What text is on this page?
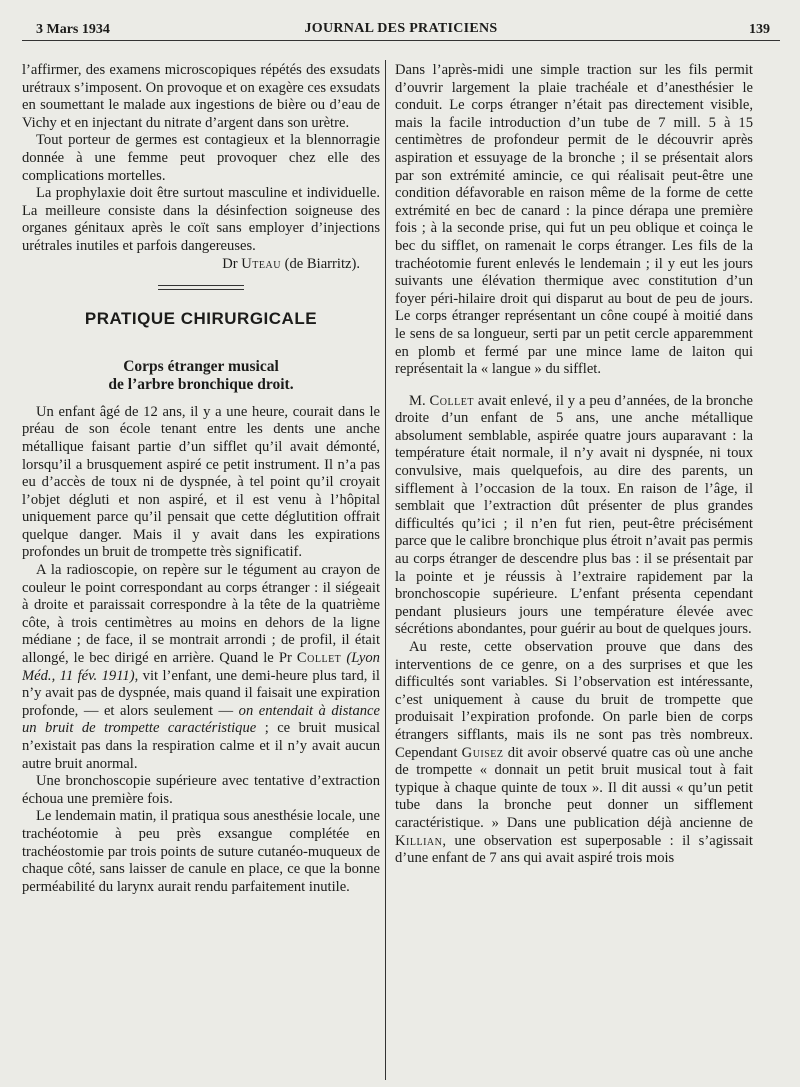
3 Mars 1934	JOURNAL DES PRATICIENS	139

l’affirmer, des examens microscopiques répétés des exsudats urétraux s’imposent. On provoque et on exagère ces exsudats en soumettant le malade aux ingestions de bière ou d’eau de Vichy et en injectant du nitrate d’argent dans son urètre.

Tout porteur de germes est contagieux et la blennorragie donnée à une femme peut provoquer chez elle des complications mortelles.

La prophylaxie doit être surtout masculine et individuelle. La meilleure consiste dans la désinfection soigneuse des organes génitaux après le coït sans employer d’injections urétrales inutiles et parfois dangereuses.

Dr Uteau (de Biarritz).

PRATIQUE CHIRURGICALE
Corps étranger musical
de l’arbre bronchique droit.

Un enfant âgé de 12 ans, il y a une heure, courait dans le préau de son école tenant entre les dents une anche métallique faisant partie d’un sifflet qu’il avait démonté, lorsqu’il a brusquement aspiré ce petit instrument. Il n’a pas eu d’accès de toux ni de dyspnée, à tel point qu’il croyait l’objet dégluti et non aspiré, et il est venu à l’hôpital uniquement parce qu’il pensait que cette déglutition offrait quelque danger. Mais il y avait dans les expirations profondes un bruit de trompette très significatif.

A la radioscopie, on repère sur le tégument au crayon de couleur le point correspondant au corps étranger : il siégeait à droite et paraissait correspondre à la tête de la quatrième côte, à trois centimètres au moins en dehors de la ligne médiane ; de face, il se montrait arrondi ; de profil, il était allongé, le bec dirigé en arrière. Quand le Pr Collet (Lyon Méd., 11 fév. 1911), vit l’enfant, une demi-heure plus tard, il n’y avait pas de dyspnée, mais quand il faisait une expiration profonde, — et alors seulement — on entendait à distance un bruit de trompette caractéristique ; ce bruit musical n’existait pas dans la respiration calme et il n’y avait aucun autre bruit anormal.

Une bronchoscopie supérieure avec tentative d’extraction échoua une première fois.

Le lendemain matin, il pratiqua sous anesthésie locale, une trachéotomie à peu près exsangue complétée en trachéostomie par trois points de suture cutanéo-muqueux de chaque côté, sans laisser de canule en place, ce que la bonne perméabilité du larynx aurait rendu parfaitement inutile.

Dans l’après-midi une simple traction sur les fils permit d’ouvrir largement la plaie trachéale et d’anesthésier le conduit. Le corps étranger n’était pas directement visible, mais la facile introduction d’un tube de 7 mill. 5 à 15 centimètres de profondeur permit de le découvrir après aspiration et essuyage de la bronche ; il se présentait alors par son extrémité amincie, ce qui réalisait peut-être une condition défavorable en raison même de la forme de cette extrémité en bec de canard : la pince dérapa une première fois ; à la seconde prise, qui fut un peu oblique et coinça le bec du sifflet, on ramenait le corps étranger. Les fils de la trachéotomie furent enlevés le lendemain ; il y eut les jours suivants une élévation thermique avec constitution d’un foyer péri-hilaire droit qui disparut au bout de peu de jours. Le corps étranger représentant un cône coupé à moitié dans le sens de sa longueur, serti par un petit cercle apparemment en plomb et fermé par une mince lame de laiton qui représentait la « langue » du sifflet.

M. Collet avait enlevé, il y a peu d’années, de la bronche droite d’un enfant de 5 ans, une anche métallique absolument semblable, aspirée quatre jours auparavant : la température était normale, il n’y avait ni dyspnée, ni toux convulsive, mais quelquefois, au dire des parents, un sifflement à l’occasion de la toux. En raison de l’âge, il semblait que l’extraction dût présenter de plus grandes difficultés qu’ici ; il n’en fut rien, peut-être précisément parce que le calibre bronchique plus étroit n’avait pas permis au corps étranger de descendre plus bas : il se présentait par la pointe et je réussis à l’extraire rapidement par la bronchoscopie supérieure. L’enfant présenta cependant pendant plusieurs jours une température élevée avec sécrétions abondantes, pour guérir au bout de quelques jours.

Au reste, cette observation prouve que dans des interventions de ce genre, on a des surprises et que les difficultés sont variables. Si l’observation est intéressante, c’est uniquement à cause du bruit de trompette que produisait l’expiration profonde. On parle bien de corps étrangers sifflants, mais ils ne sont pas très nombreux. Cependant Guisez dit avoir observé quatre cas où une anche de trompette « donnait un petit bruit musical tout à fait typique à chaque quinte de toux ». Il dit aussi « qu’un petit tube dans la bronche peut donner un sifflement caractéristique. » Dans une publication déjà ancienne de Killian, une observation est superposable : il s’agissait d’une enfant de 7 ans qui avait aspiré trois mois
